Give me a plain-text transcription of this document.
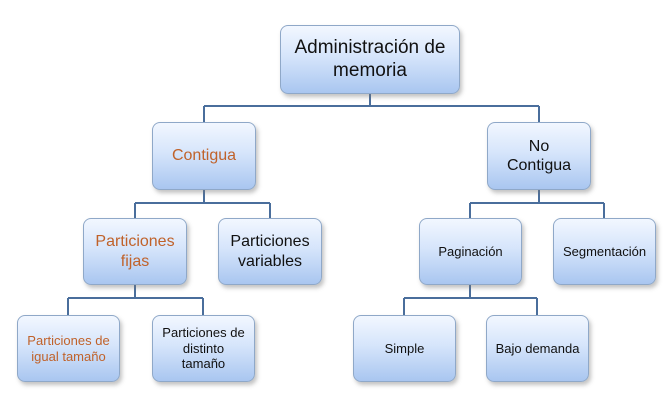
Administración de
memoria
Contigua
No
Contigua
Particiones
fijas
Particiones
variables
Paginación	Segmentación
Particiones de
igual tamaño
Particiones de
distinto
tamaño
Simple	Bajo demanda
